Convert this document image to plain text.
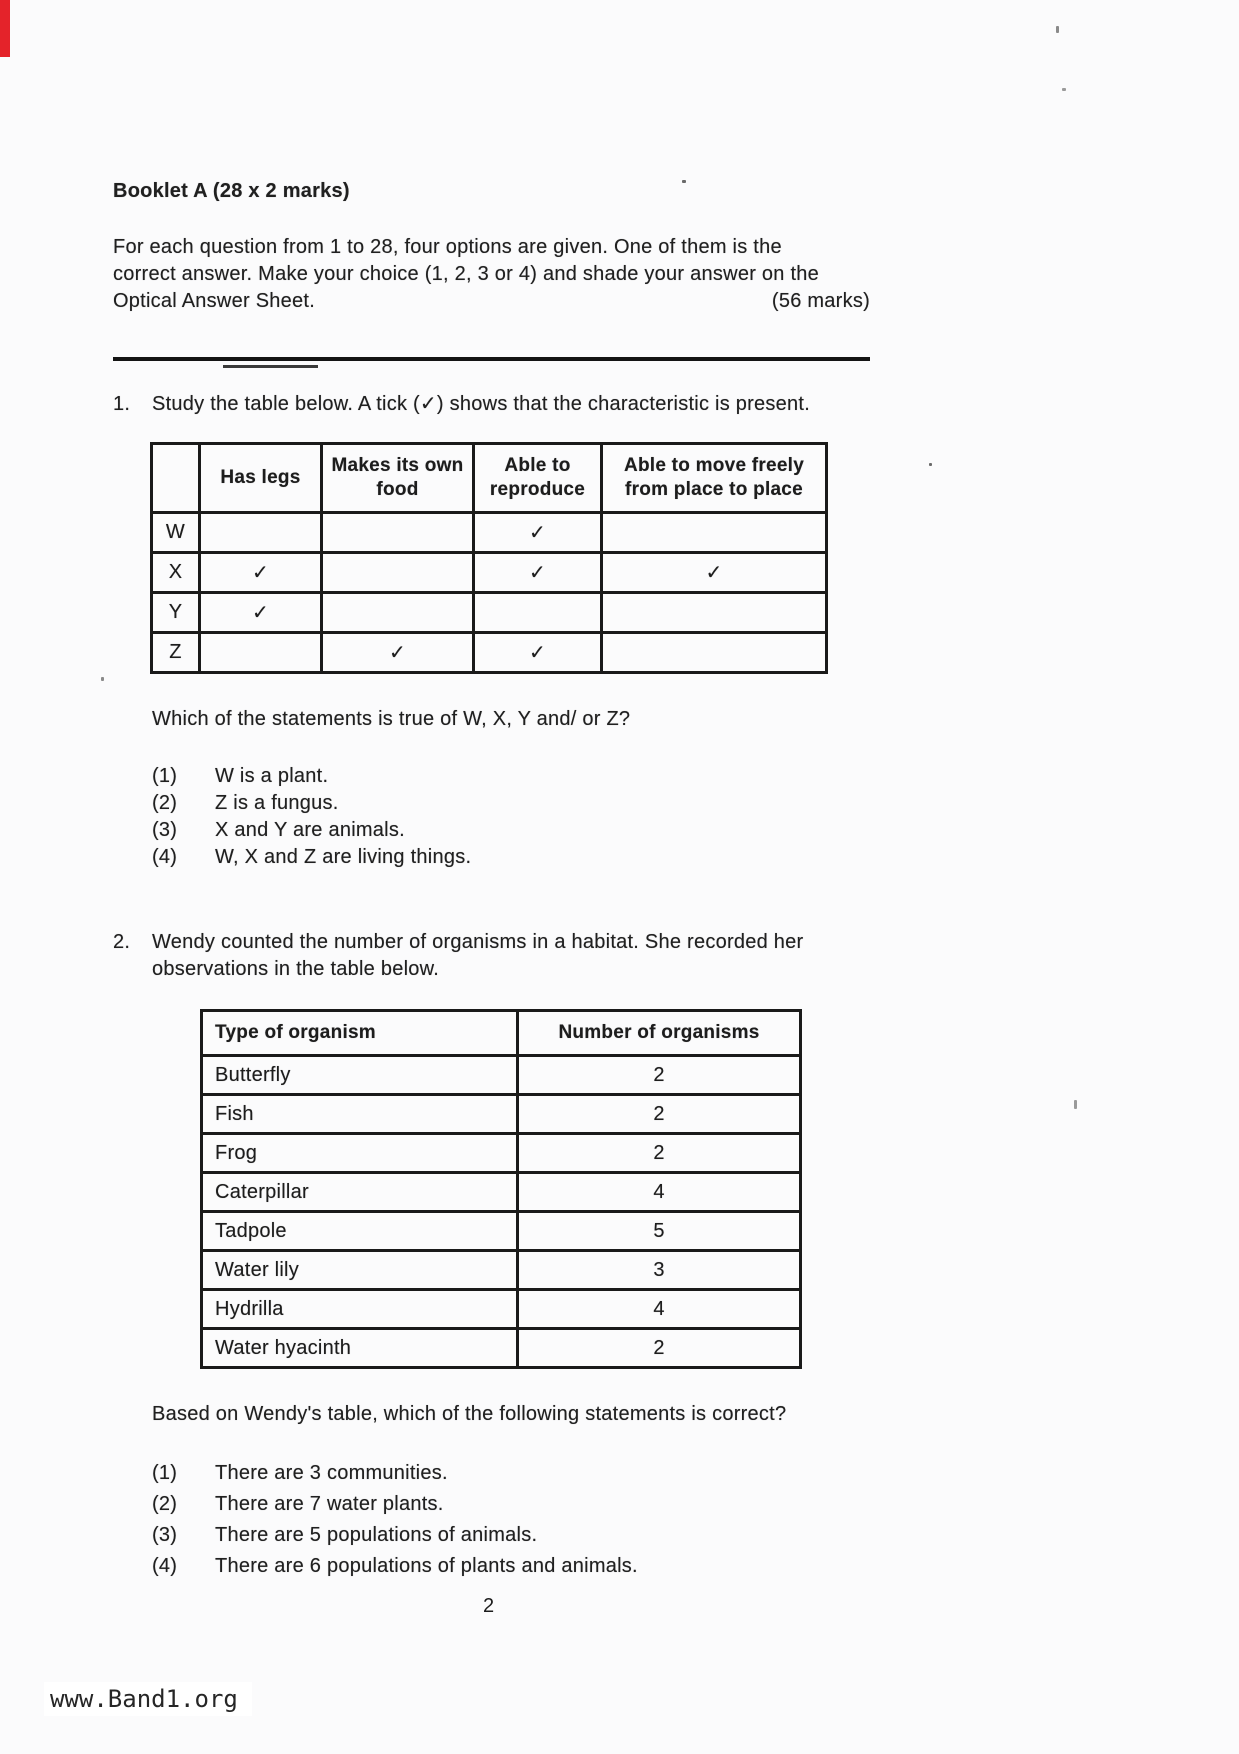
Booklet A (28 x 2 marks)
For each question from 1 to 28, four options are given. One of them is the
correct answer. Make your choice (1, 2, 3 or 4) and shade your answer on the
Optical Answer Sheet.	(56 marks)
1.	Study the table below. A tick (✓) shows that the characteristic is present.
	Has legs	Makes its own food	Able to reproduce	Able to move freely from place to place
W			✓	
X	✓		✓	✓
Y	✓			
Z		✓	✓	

Which of the statements is true of W, X, Y and/ or Z?

(1)	W is a plant.
(2)	Z is a fungus.
(3)	X and Y are animals.
(4)	W, X and Z are living things.
2.	Wendy counted the number of organisms in a habitat. She recorded her
observations in the table below.
Type of organism	Number of organisms
Butterfly	2
Fish	2
Frog	2
Caterpillar	4
Tadpole	5
Water lily	3
Hydrilla	4
Water hyacinth	2

Based on Wendy's table, which of the following statements is correct?

(1)	There are 3 communities.
(2)	There are 7 water plants.
(3)	There are 5 populations of animals.
(4)	There are 6 populations of plants and animals.
2
www.Band1.org
